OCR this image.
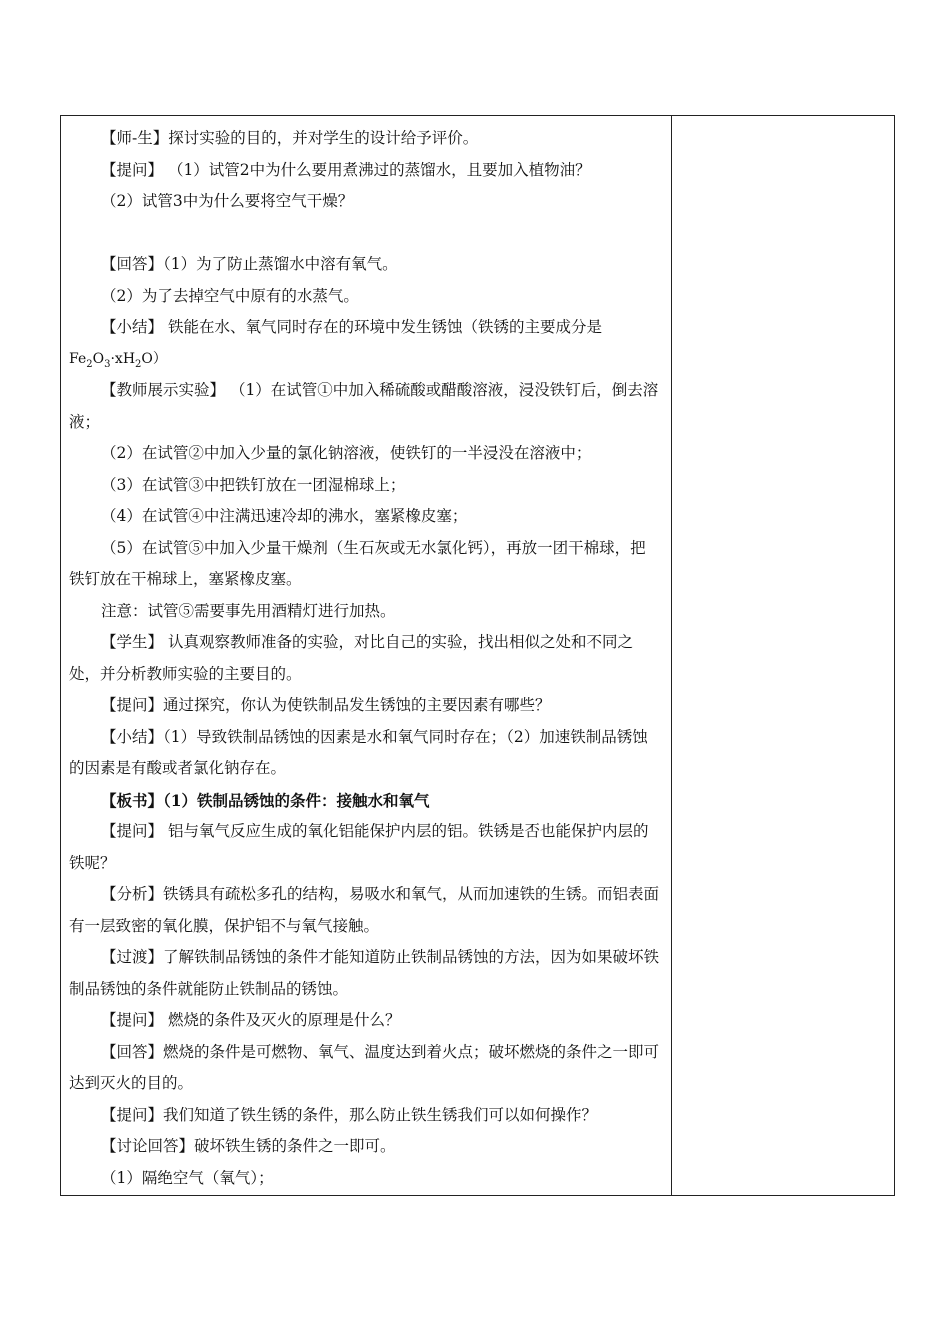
【师-生】探讨实验的目的，并对学生的设计给予评价。

【提问】 （1）试管2中为什么要用煮沸过的蒸馏水，且要加入植物油？

（2）试管3中为什么要将空气干燥？

【回答】（1）为了防止蒸馏水中溶有氧气。

（2）为了去掉空气中原有的水蒸气。

【小结】 铁能在水、氧气同时存在的环境中发生锈蚀（铁锈的主要成分是

$Fe_2O_3\cdot xH_2O$）

【教师展示实验】 （1）在试管①中加入稀硫酸或醋酸溶液，浸没铁钉后，倒去溶液；

（2）在试管②中加入少量的氯化钠溶液，使铁钉的一半浸没在溶液中；

（3）在试管③中把铁钉放在一团湿棉球上；

（4）在试管④中注满迅速冷却的沸水，塞紧橡皮塞；

（5）在试管⑤中加入少量干燥剂（生石灰或无水氯化钙），再放一团干棉球，把铁钉放在干棉球上，塞紧橡皮塞。

注意：试管⑤需要事先用酒精灯进行加热。

【学生】 认真观察教师准备的实验，对比自己的实验，找出相似之处和不同之处，并分析教师实验的主要目的。

【提问】通过探究，你认为使铁制品发生锈蚀的主要因素有哪些？

【小结】（1）导致铁制品锈蚀的因素是水和氧气同时存在；（2）加速铁制品锈蚀的因素是有酸或者氯化钠存在。

【板书】（1）铁制品锈蚀的条件：接触水和氧气

【提问】 铝与氧气反应生成的氧化铝能保护内层的铝。铁锈是否也能保护内层的铁呢？

【分析】铁锈具有疏松多孔的结构，易吸水和氧气，从而加速铁的生锈。而铝表面有一层致密的氧化膜，保护铝不与氧气接触。

【过渡】了解铁制品锈蚀的条件才能知道防止铁制品锈蚀的方法，因为如果破坏铁制品锈蚀的条件就能防止铁制品的锈蚀。

【提问】 燃烧的条件及灭火的原理是什么？

【回答】燃烧的条件是可燃物、氧气、温度达到着火点；破坏燃烧的条件之一即可达到灭火的目的。

【提问】我们知道了铁生锈的条件，那么防止铁生锈我们可以如何操作？

【讨论回答】破坏铁生锈的条件之一即可。

（1）隔绝空气（氧气）；
